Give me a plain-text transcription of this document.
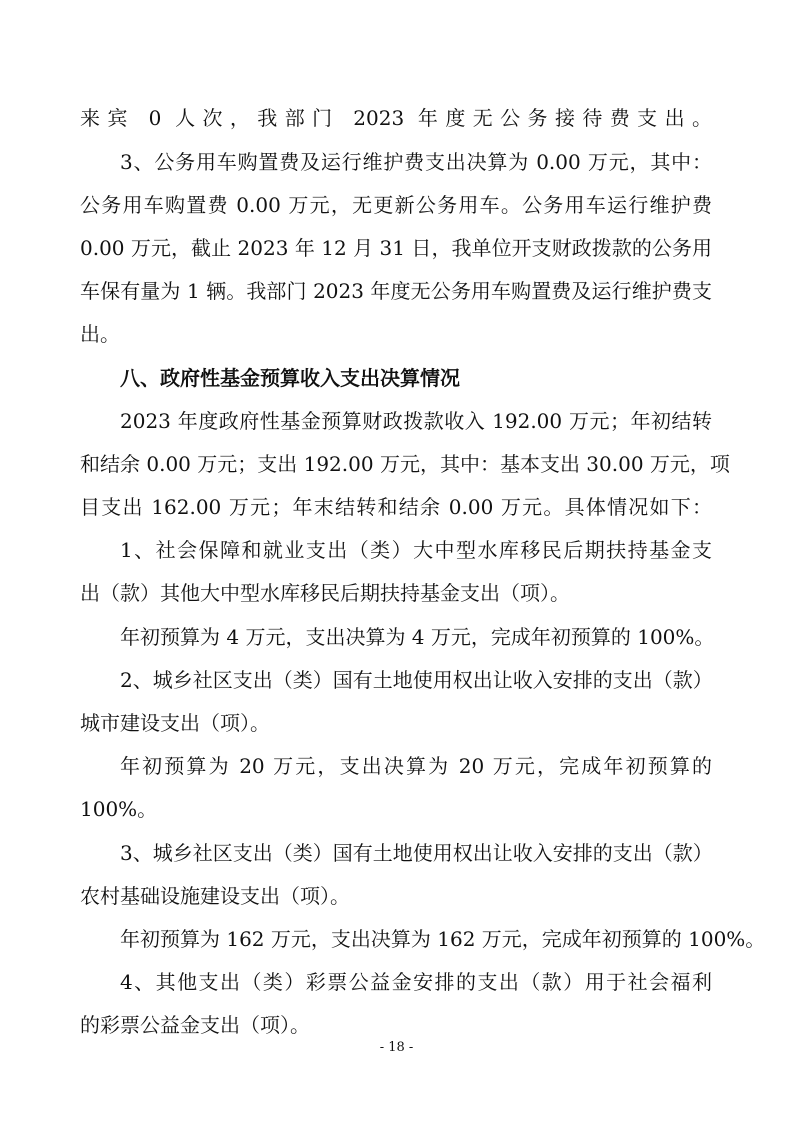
来宾 0 人次，我部门 2023 年度无公务接待费支出。
3、公务用车购置费及运行维护费支出决算为 0.00 万元，其中：
公务用车购置费 0.00 万元，无更新公务用车。公务用车运行维护费
0.00 万元，截止 2023 年 12 月 31 日，我单位开支财政拨款的公务用
车保有量为 1 辆。我部门 2023 年度无公务用车购置费及运行维护费支
出。
八、政府性基金预算收入支出决算情况
2023 年度政府性基金预算财政拨款收入 192.00 万元；年初结转
和结余 0.00 万元；支出 192.00 万元，其中：基本支出 30.00 万元，项
目支出 162.00 万元；年末结转和结余 0.00 万元。具体情况如下：
1、社会保障和就业支出（类）大中型水库移民后期扶持基金支
出（款）其他大中型水库移民后期扶持基金支出（项）。
年初预算为 4 万元，支出决算为 4 万元，完成年初预算的 100%。
2、城乡社区支出（类）国有土地使用权出让收入安排的支出（款）
城市建设支出（项）。
年初预算为 20 万元，支出决算为 20 万元，完成年初预算的
100%。
3、城乡社区支出（类）国有土地使用权出让收入安排的支出（款）
农村基础设施建设支出（项）。
年初预算为 162 万元，支出决算为 162 万元，完成年初预算的 100%。
4、其他支出（类）彩票公益金安排的支出（款）用于社会福利
的彩票公益金支出（项）。
- 18 -
